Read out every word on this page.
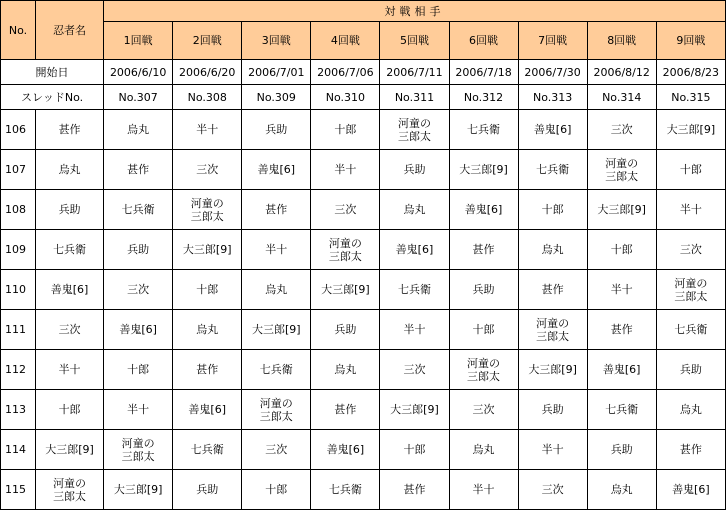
No.	忍者名	対戦相手								
		1回戦	2回戦	3回戦	4回戦	5回戦	6回戦	7回戦	8回戦	9回戦
開始日		2006/6/10	2006/6/20	2006/7/01	2006/7/06	2006/7/11	2006/7/18	2006/7/30	2006/8/12	2006/8/23
スレッドNo.		No.307	No.308	No.309	No.310	No.311	No.312	No.313	No.314	No.315
106	甚作	烏丸	半十	兵助	十郎	河童の
三郎太	七兵衛	善鬼[6]	三次	大三郎[9]
107	烏丸	甚作	三次	善鬼[6]	半十	兵助	大三郎[9]	七兵衛	河童の
三郎太	十郎
108	兵助	七兵衛	河童の
三郎太	甚作	三次	烏丸	善鬼[6]	十郎	大三郎[9]	半十
109	七兵衛	兵助	大三郎[9]	半十	河童の
三郎太	善鬼[6]	甚作	烏丸	十郎	三次
110	善鬼[6]	三次	十郎	烏丸	大三郎[9]	七兵衛	兵助	甚作	半十	河童の
三郎太
111	三次	善鬼[6]	烏丸	大三郎[9]	兵助	半十	十郎	河童の
三郎太	甚作	七兵衛
112	半十	十郎	甚作	七兵衛	烏丸	三次	河童の
三郎太	大三郎[9]	善鬼[6]	兵助
113	十郎	半十	善鬼[6]	河童の
三郎太	甚作	大三郎[9]	三次	兵助	七兵衛	烏丸
114	大三郎[9]	河童の
三郎太	七兵衛	三次	善鬼[6]	十郎	烏丸	半十	兵助	甚作
115	河童の
三郎太	大三郎[9]	兵助	十郎	七兵衛	甚作	半十	三次	烏丸	善鬼[6]
